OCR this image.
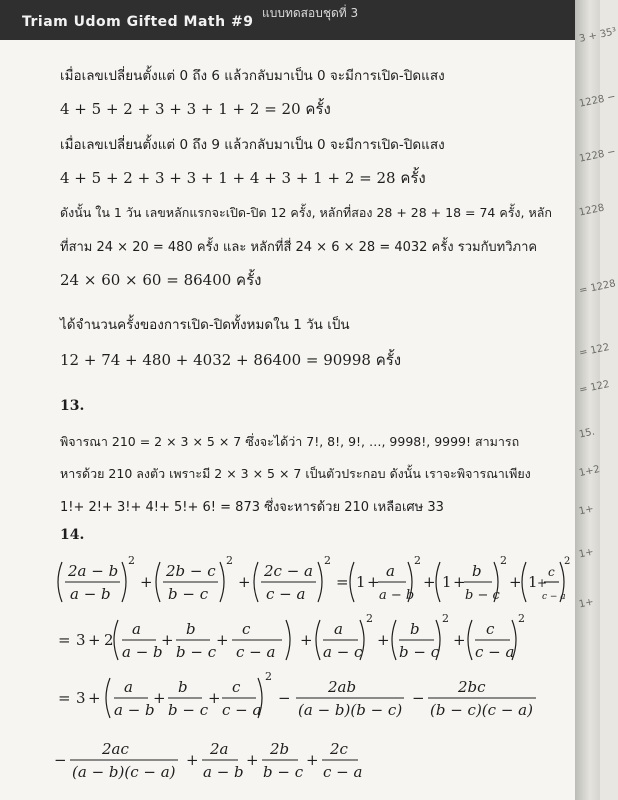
Triam Udom Gifted Math #9
แบบทดสอบชุดที่ 3
เมื่อเลขเปลี่ยนตั้งแต่ 0 ถึง 6 แล้วกลับมาเป็น 0 จะมีการเปิด-ปิดแสง
4 + 5 + 2 + 3 + 3 + 1 + 2 = 20 ครั้ง
เมื่อเลขเปลี่ยนตั้งแต่ 0 ถึง 9 แล้วกลับมาเป็น 0 จะมีการเปิด-ปิดแสง
4 + 5 + 2 + 3 + 3 + 1 + 4 + 3 + 1 + 2 = 28 ครั้ง
ดังนั้น ใน 1 วัน เลขหลักแรกจะเปิด-ปิด 12 ครั้ง, หลักที่สอง 28 + 28 + 18 = 74 ครั้ง, หลัก
ที่สาม 24 × 20 = 480 ครั้ง และ หลักที่สี่ 24 × 6 × 28 = 4032 ครั้ง รวมกับทวิภาค
24 × 60 × 60 = 86400 ครั้ง
ได้จำนวนครั้งของการเปิด-ปิดทั้งหมดใน 1 วัน เป็น
12 + 74 + 480 + 4032 + 86400 = 90998 ครั้ง
13.
พิจารณา 210 = 2 × 3 × 5 × 7 ซึ่งจะได้ว่า 7!, 8!, 9!, …, 9998!, 9999! สามารถ
หารด้วย 210 ลงตัว เพราะมี 2 × 3 × 5 × 7 เป็นตัวประกอบ ดังนั้น เราจะพิจารณาเพียง
1!+ 2!+ 3!+ 4!+ 5!+ 6! = 873 ซึ่งจะหารด้วย 210 เหลือเศษ 33
14.
2a − b
a − b
2
+
2b − c
b − c
2
+
2c − a
c − a
2
= 1 +
a
a − b
2
+ 1 +
b
b − c
2
+ 1 +
c
c − a
2
= 3 + 2
a
a − b
+
b
b − c
+
c
c − a
+
a
a − c
2
+
b
b − c
2
+
c
c − a
2
= 3 +
a
a − b
+
b
b − c
+
c
c − a
2
−
2ab
(a − b)(b − c)
−
2bc
(b − c)(c − a)
−
2ac
(a − b)(c − a)
+
2a
a − b
+
2b
b − c
+
2c
c − a
3 + 35³
1228 −
1228 −
1228
= 1228
= 122
= 122
15.
1+2
1+
1+
1+
